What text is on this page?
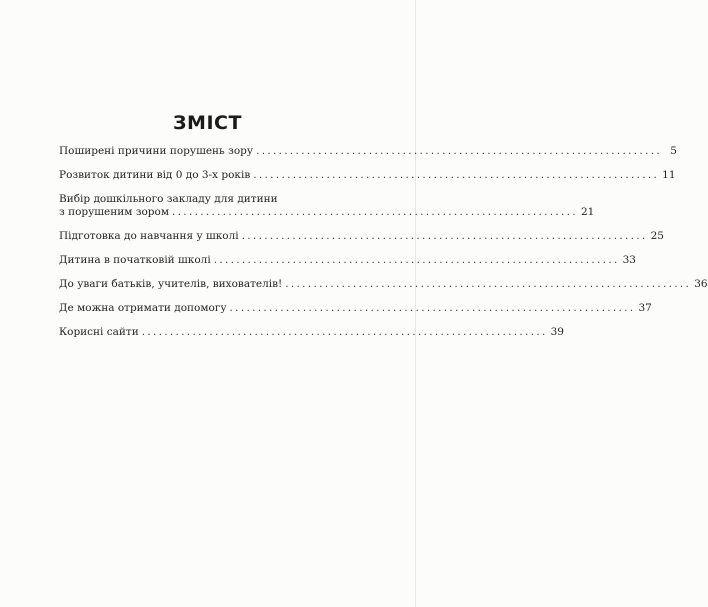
ЗМІСТ
Поширені причини порушень зору ........................................................................ 5
Розвиток дитини від 0 до 3-х років ........................................................................ 11
Вибір дошкільного закладу для дитини
з порушеним зором ........................................................................ 21
Підготовка до навчання у школі ........................................................................ 25
Дитина в початковій школі ........................................................................ 33
До уваги батьків, учителів, вихователів! ........................................................................ 36
Де можна отримати допомогу ........................................................................ 37
Корисні сайти ........................................................................ 39
